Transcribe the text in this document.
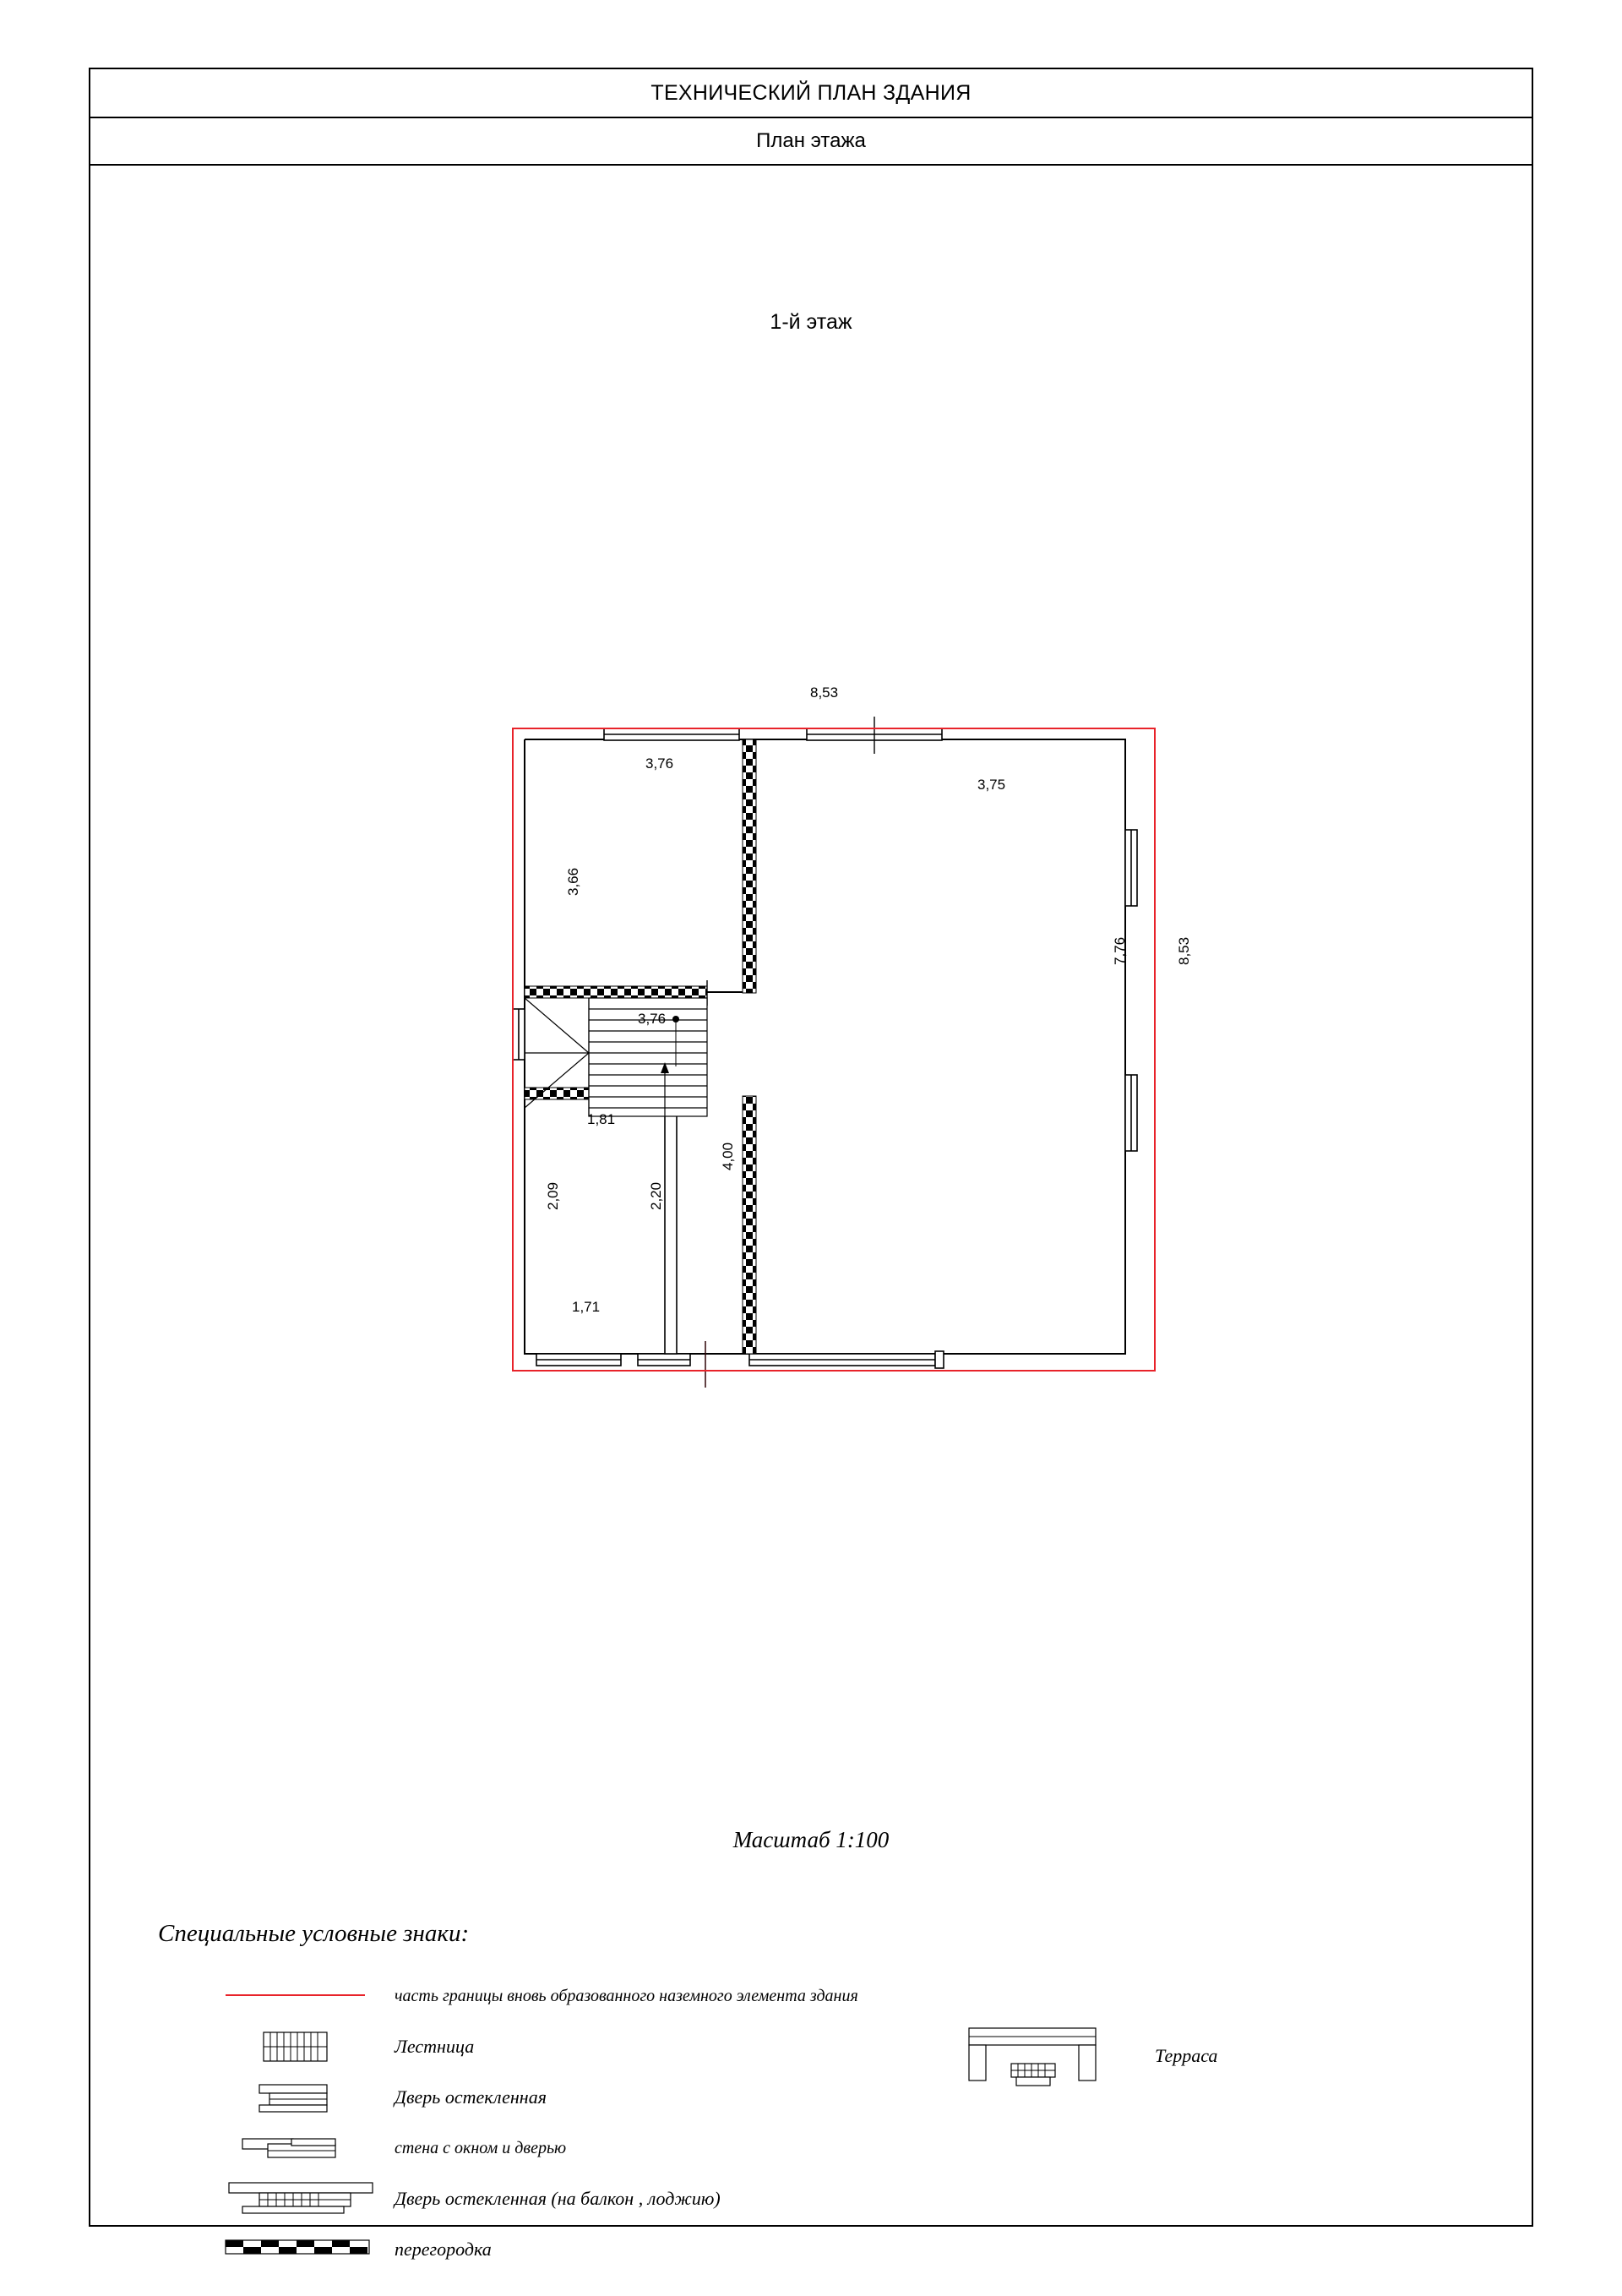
ТЕХНИЧЕСКИЙ ПЛАН ЗДАНИЯ
План этажа
1-й этаж
8,53
3,76
3,75
3,66
7,76	8,53
3,76
1,81
4,00
2,09	2,20
1,71
Масштаб 1:100
Специальные условные знаки:
часть границы вновь образованного наземного элемента здания
Лестница
Дверь остекленная
стена с окном и дверью
Дверь остекленная (на балкон , лоджию)
перегородка
Терраса
